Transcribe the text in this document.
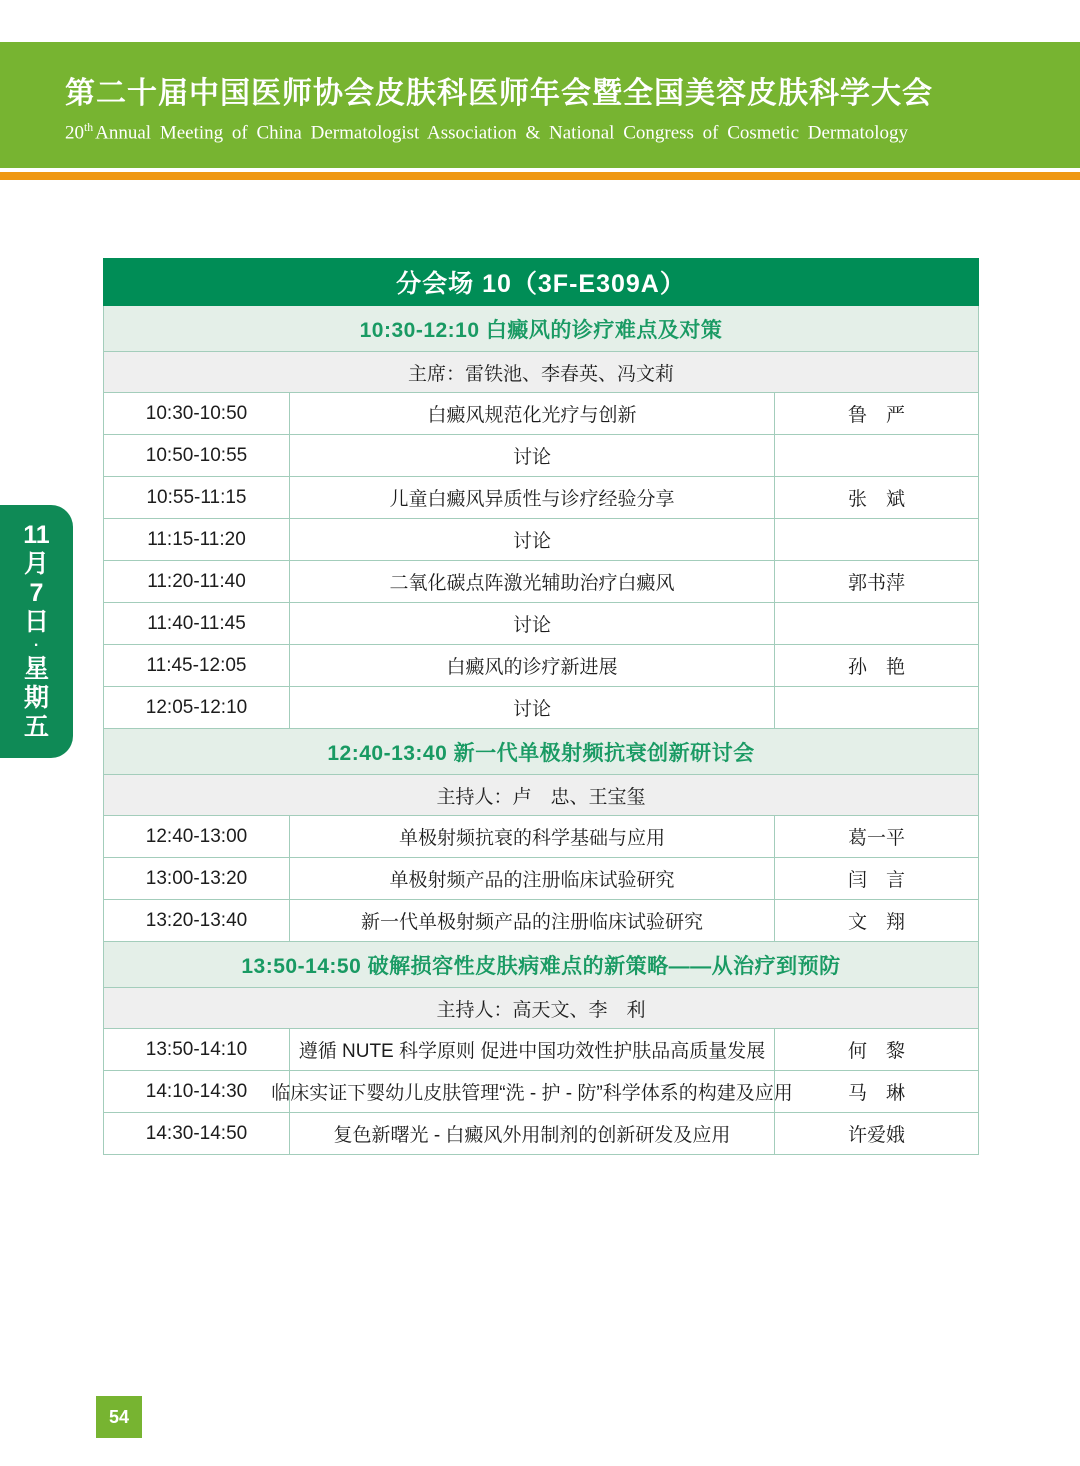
第二十届中国医师协会皮肤科医师年会暨全国美容皮肤科学大会
20th Annual Meeting of China Dermatologist Association & National Congress of Cosmetic Dermatology
11
月
7
日
·
星
期
五
分会场 10（3F-E309A）
10:30-12:10 白癜风的诊疗难点及对策
主席：雷铁池、李春英、冯文莉
10:30-10:50	白癜风规范化光疗与创新	鲁　严
10:50-10:55	讨论
10:55-11:15	儿童白癜风异质性与诊疗经验分享	张　斌
11:15-11:20	讨论
11:20-11:40	二氧化碳点阵激光辅助治疗白癜风	郭书萍
11:40-11:45	讨论
11:45-12:05	白癜风的诊疗新进展	孙　艳
12:05-12:10	讨论
12:40-13:40 新一代单极射频抗衰创新研讨会
主持人：卢　忠、王宝玺
12:40-13:00	单极射频抗衰的科学基础与应用	葛一平
13:00-13:20	单极射频产品的注册临床试验研究	闫　言
13:20-13:40	新一代单极射频产品的注册临床试验研究	文　翔
13:50-14:50 破解损容性皮肤病难点的新策略——从治疗到预防
主持人：高天文、李　利
13:50-14:10	遵循 NUTE 科学原则 促进中国功效性护肤品高质量发展	何　黎
14:10-14:30	临床实证下婴幼儿皮肤管理“洗 - 护 - 防”科学体系的构建及应用	马　琳
14:30-14:50	复色新曙光 - 白癜风外用制剂的创新研发及应用	许爱娥
54
